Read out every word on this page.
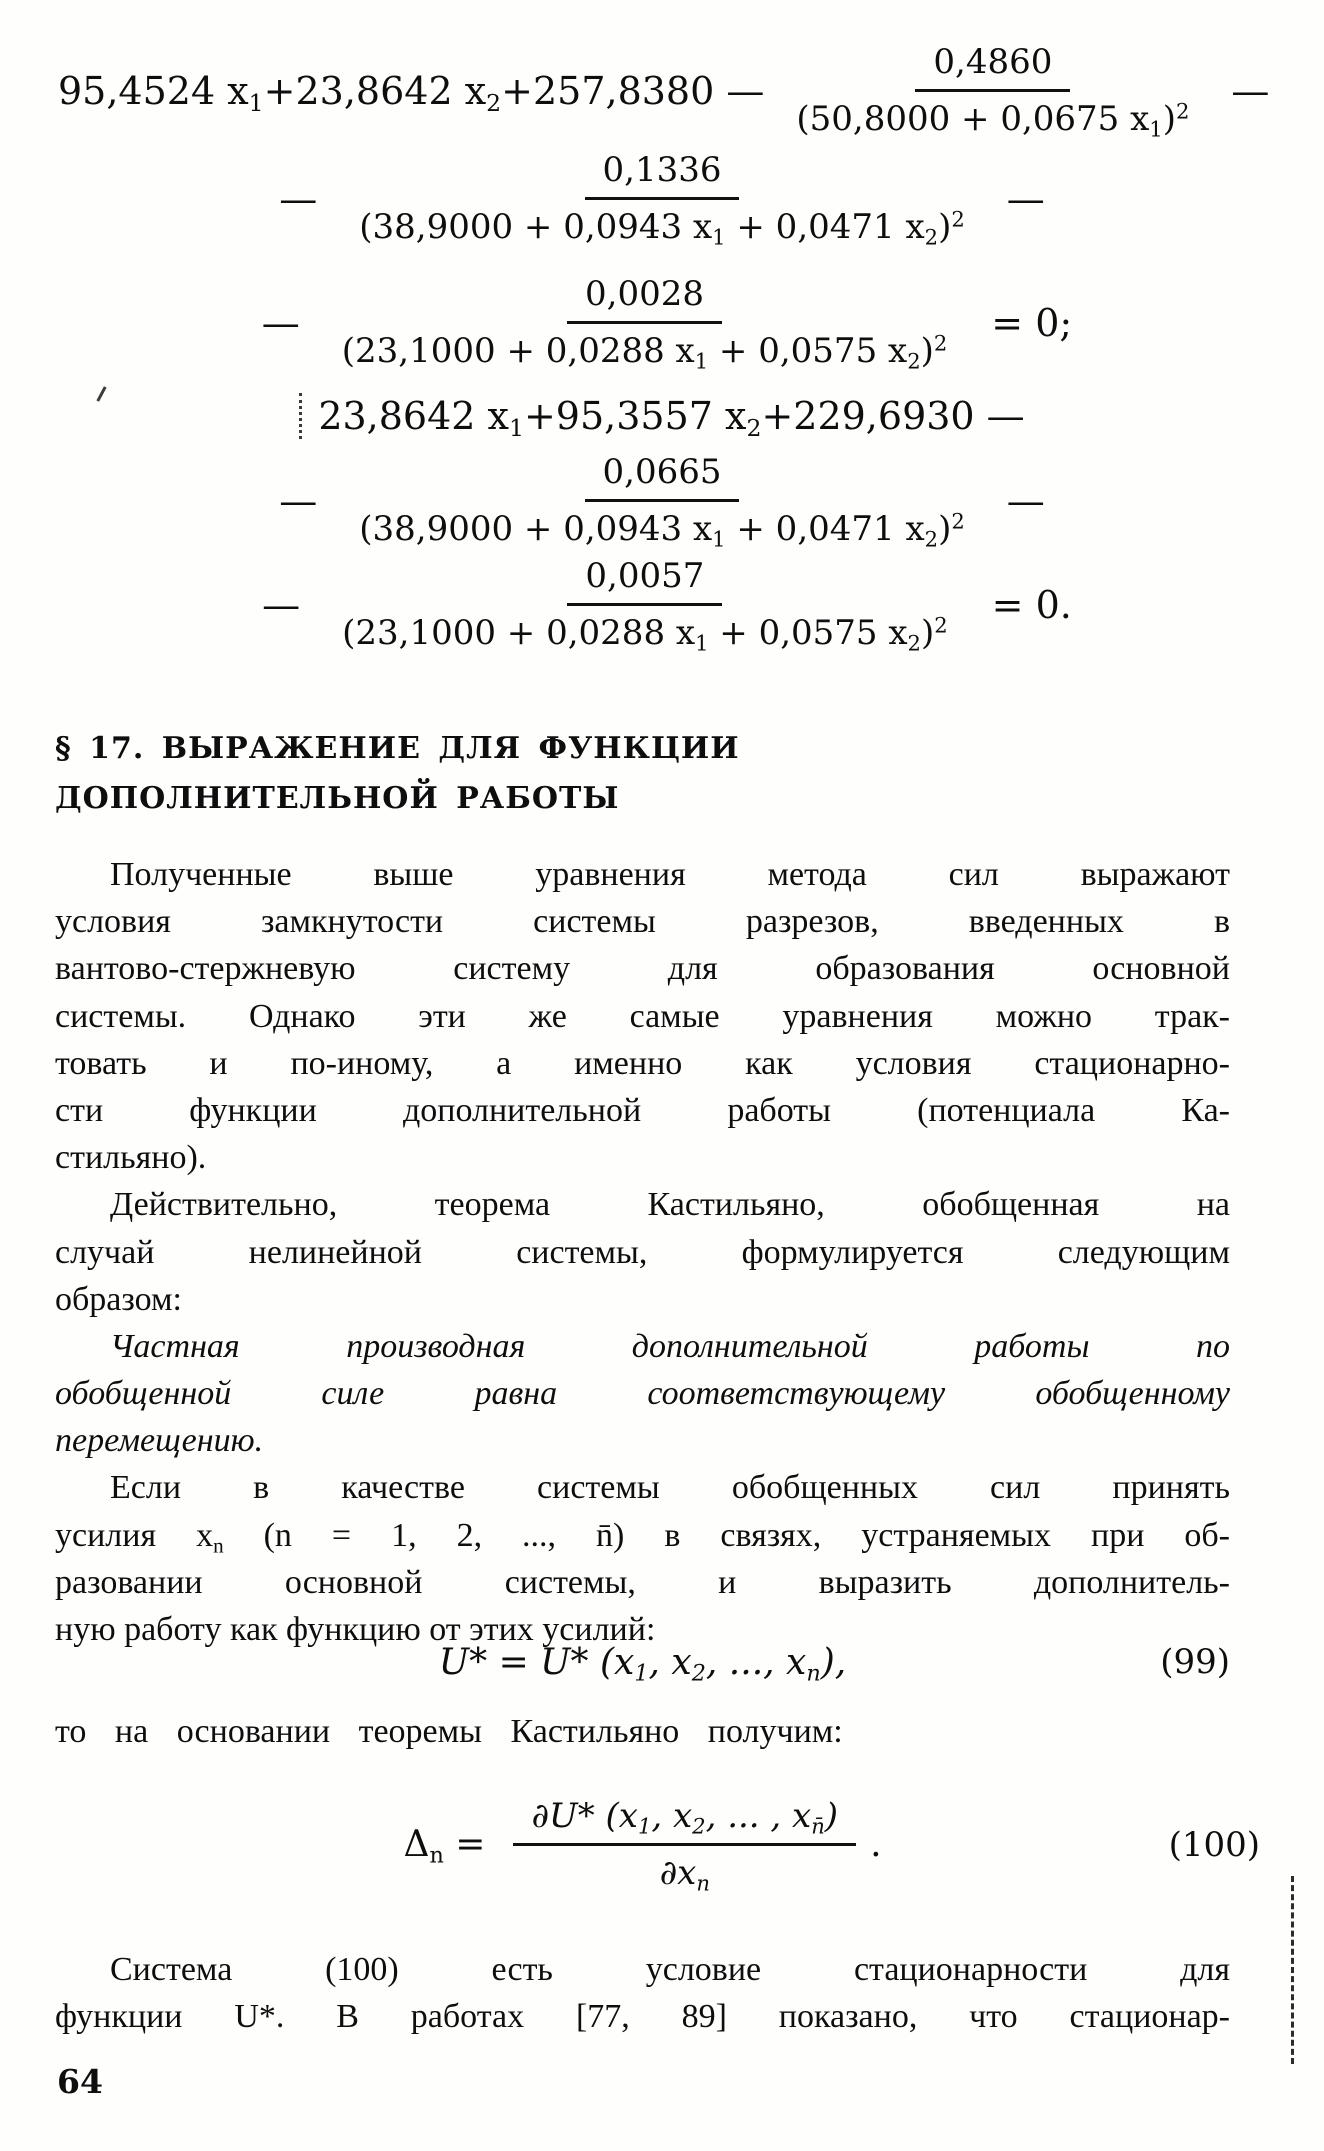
95,4524 $x_1+23,8642$ $x_2+257,8380$ — $\frac{0,4860}{(50,8000 + 0,0675 x_1)^2}$ —
— $\frac{0,1336}{(38,9000 + 0,0943 x_1 + 0,0471 x_2)^2}$ —
— $\frac{0,0028}{(23,1000 + 0,0288 x_1 + 0,0575 x_2)^2} = 0$;
23,8642 $x_1+95,3557$ $x_2+229,6930$ —
— $\frac{0,0665}{(38,9000 + 0,0943 x_1 + 0,0471 x_2)^2}$ —
— $\frac{0,0057}{(23,1000 + 0,0288 x_1 + 0,0575 x_2)^2} = 0$.
§ 17. ВЫРАЖЕНИЕ ДЛЯ ФУНКЦИИ
ДОПОЛНИТЕЛЬНОЙ РАБОТЫ
Полученные выше уравнения метода сил выражают
условия замкнутости системы разрезов, введенных в
вантово-стержневую систему для образования основной
системы. Однако эти же самые уравнения можно трак-
товать и по-иному, а именно как условия стационарно-
сти функции дополнительной работы (потенциала Ка-
стильяно).
Действительно, теорема Кастильяно, обобщенная на
случай нелинейной системы, формулируется следующим
образом:
Частная производная дополнительной работы по
обобщенной силе равна соответствующему обобщенному
перемещению.
Если в качестве системы обобщенных сил принять
усилия $x_n$ (n = 1, 2, ..., n̄) в связях, устраняемых при об-
разовании основной системы, и выразить дополнитель-
ную работу как функцию от этих усилий:
U* = U* ($x_1$, $x_2$, ..., $x_n$),	(99)
то на основании теоремы Кастильяно получим:
$\Delta_n = \frac{\partial U* (x_1, x_2, ... , x_{n̄})}{\partial x_n}$ .	(100)
Система (100) есть условие стационарности для
функции U*. В работах [77, 89] показано, что стационар-
64
